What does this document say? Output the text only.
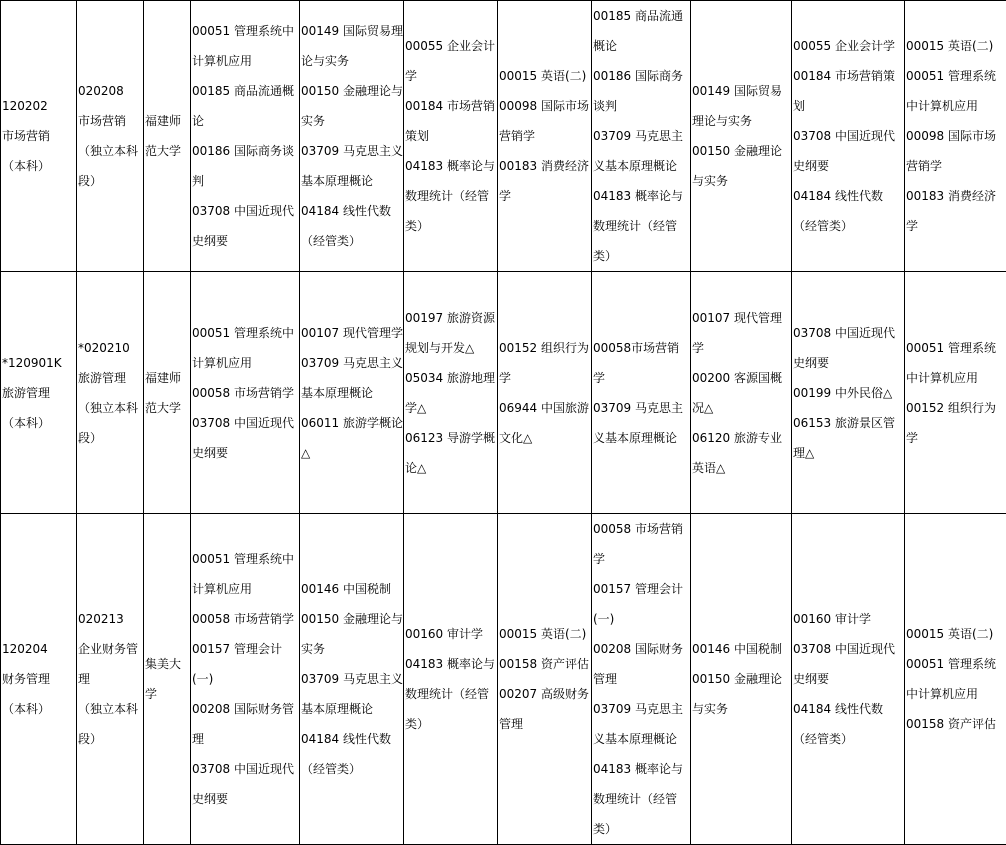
120202
市场营销
（本科）	020208
市场营销
（独立本科段）	福建师范大学	00051 管理系统中计算机应用
00185 商品流通概论
00186 国际商务谈判
03708 中国近现代史纲要	00149 国际贸易理论与实务
00150 金融理论与实务
03709 马克思主义基本原理概论
04184 线性代数（经管类）	00055 企业会计学
00184 市场营销策划
04183 概率论与数理统计（经管类）	00015 英语(二)
00098 国际市场营销学
00183 消费经济学	00185 商品流通概论
00186 国际商务谈判
03709 马克思主义基本原理概论
04183 概率论与数理统计（经管类）	00149 国际贸易理论与实务
00150 金融理论与实务	00055 企业会计学
00184 市场营销策划
03708 中国近现代史纲要
04184 线性代数（经管类）	00015 英语(二)
00051 管理系统中计算机应用
00098 国际市场营销学
00183 消费经济学

*120901K
旅游管理
（本科）	*020210
旅游管理
（独立本科段）	福建师范大学	00051 管理系统中计算机应用
00058 市场营销学
03708 中国近现代史纲要	00107 现代管理学
03709 马克思主义基本原理概论
06011 旅游学概论△	00197 旅游资源规划与开发△
05034 旅游地理学△
06123 导游学概论△	00152 组织行为学
06944 中国旅游文化△	00058市场营销学
03709 马克思主义基本原理概论	00107 现代管理学
00200 客源国概况△
06120 旅游专业英语△	03708 中国近现代史纲要
00199 中外民俗△
06153 旅游景区管理△	00051 管理系统中计算机应用
00152 组织行为学

120204
财务管理
（本科）	020213
企业财务管理
（独立本科段）	集美大学	00051 管理系统中计算机应用
00058 市场营销学
00157 管理会计(一)
00208 国际财务管理
03708 中国近现代史纲要	00146 中国税制
00150 金融理论与实务
03709 马克思主义基本原理概论
04184 线性代数（经管类）	00160 审计学
04183 概率论与数理统计（经管类）	00015 英语(二)
00158 资产评估
00207 高级财务管理	00058 市场营销学
00157 管理会计(一)
00208 国际财务管理
03709 马克思主义基本原理概论
04183 概率论与数理统计（经管类）	00146 中国税制
00150 金融理论与实务	00160 审计学
03708 中国近现代史纲要
04184 线性代数（经管类）	00015 英语(二)
00051 管理系统中计算机应用
00158 资产评估
